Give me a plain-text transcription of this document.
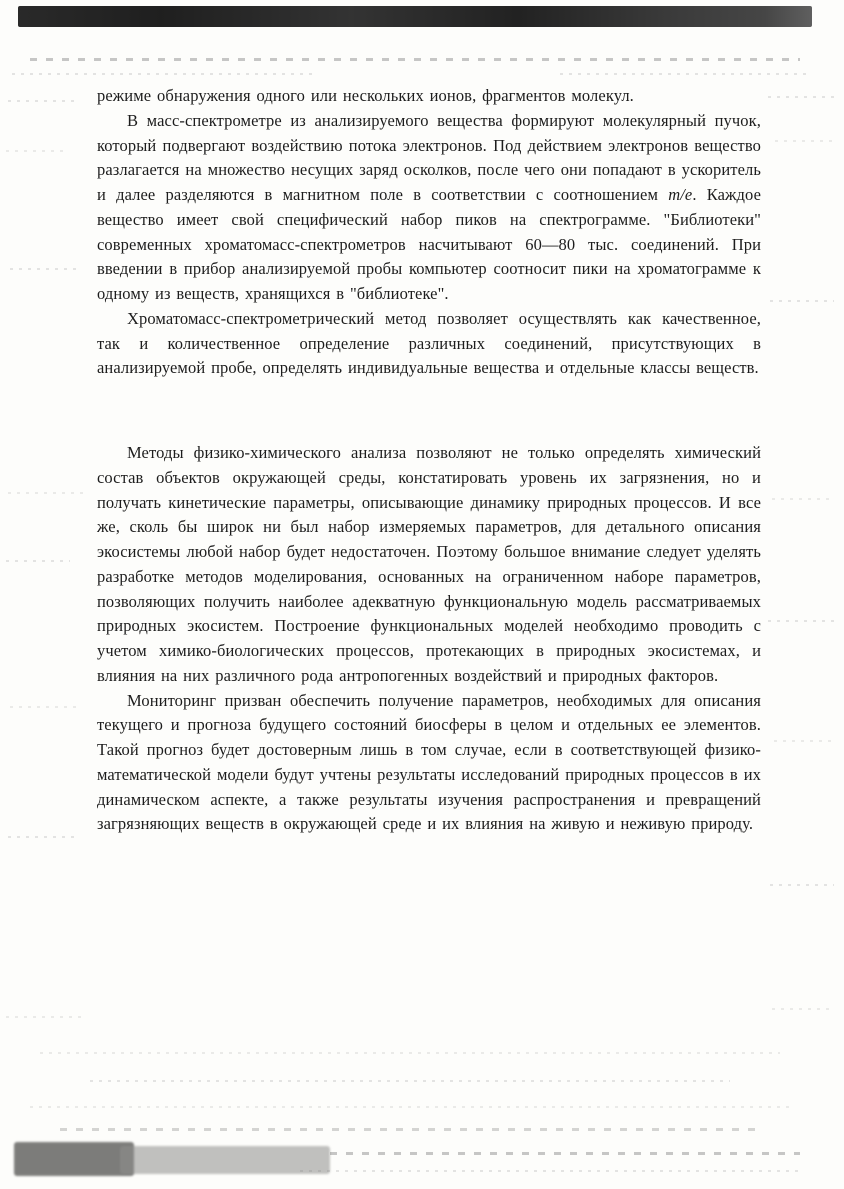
режиме обнаружения одного или нескольких ионов, фрагментов молекул.

В масс-спектрометре из анализируемого вещества формируют молекулярный пучок, который подвергают воздействию потока электронов. Под действием электронов вещество разлагается на множество несущих заряд осколков, после чего они попадают в ускоритель и далее разделяются в магнитном поле в соответствии с соотношением m/e. Каждое вещество имеет свой специфический набор пиков на спектрограмме. "Библиотеки" современных хроматомасс-спектрометров насчитывают 60—80 тыс. соединений. При введении в прибор анализируемой пробы компьютер соотносит пики на хроматограмме к одному из веществ, хранящихся в "библиотеке".

Хроматомасс-спектрометрический метод позволяет осуществлять как качественное, так и количественное определение различных соединений, присутствующих в анализируемой пробе, определять индивидуальные вещества и отдельные классы веществ.

Методы физико-химического анализа позволяют не только определять химический состав объектов окружающей среды, констатировать уровень их загрязнения, но и получать кинетические параметры, описывающие динамику природных процессов. И все же, сколь бы широк ни был набор измеряемых параметров, для детального описания экосистемы любой набор будет недостаточен. Поэтому большое внимание следует уделять разработке методов моделирования, основанных на ограниченном наборе параметров, позволяющих получить наиболее адекватную функциональную модель рассматриваемых природных экосистем. Построение функциональных моделей необходимо проводить с учетом химико-биологических процессов, протекающих в природных экосистемах, и влияния на них различного рода антропогенных воздействий и природных факторов.

Мониторинг призван обеспечить получение параметров, необходимых для описания текущего и прогноза будущего состояний биосферы в целом и отдельных ее элементов. Такой прогноз будет достоверным лишь в том случае, если в соответствующей физико-математической модели будут учтены результаты исследований природных процессов в их динамическом аспекте, а также результаты изучения распространения и превращений загрязняющих веществ в окружающей среде и их влияния на живую и неживую природу.
